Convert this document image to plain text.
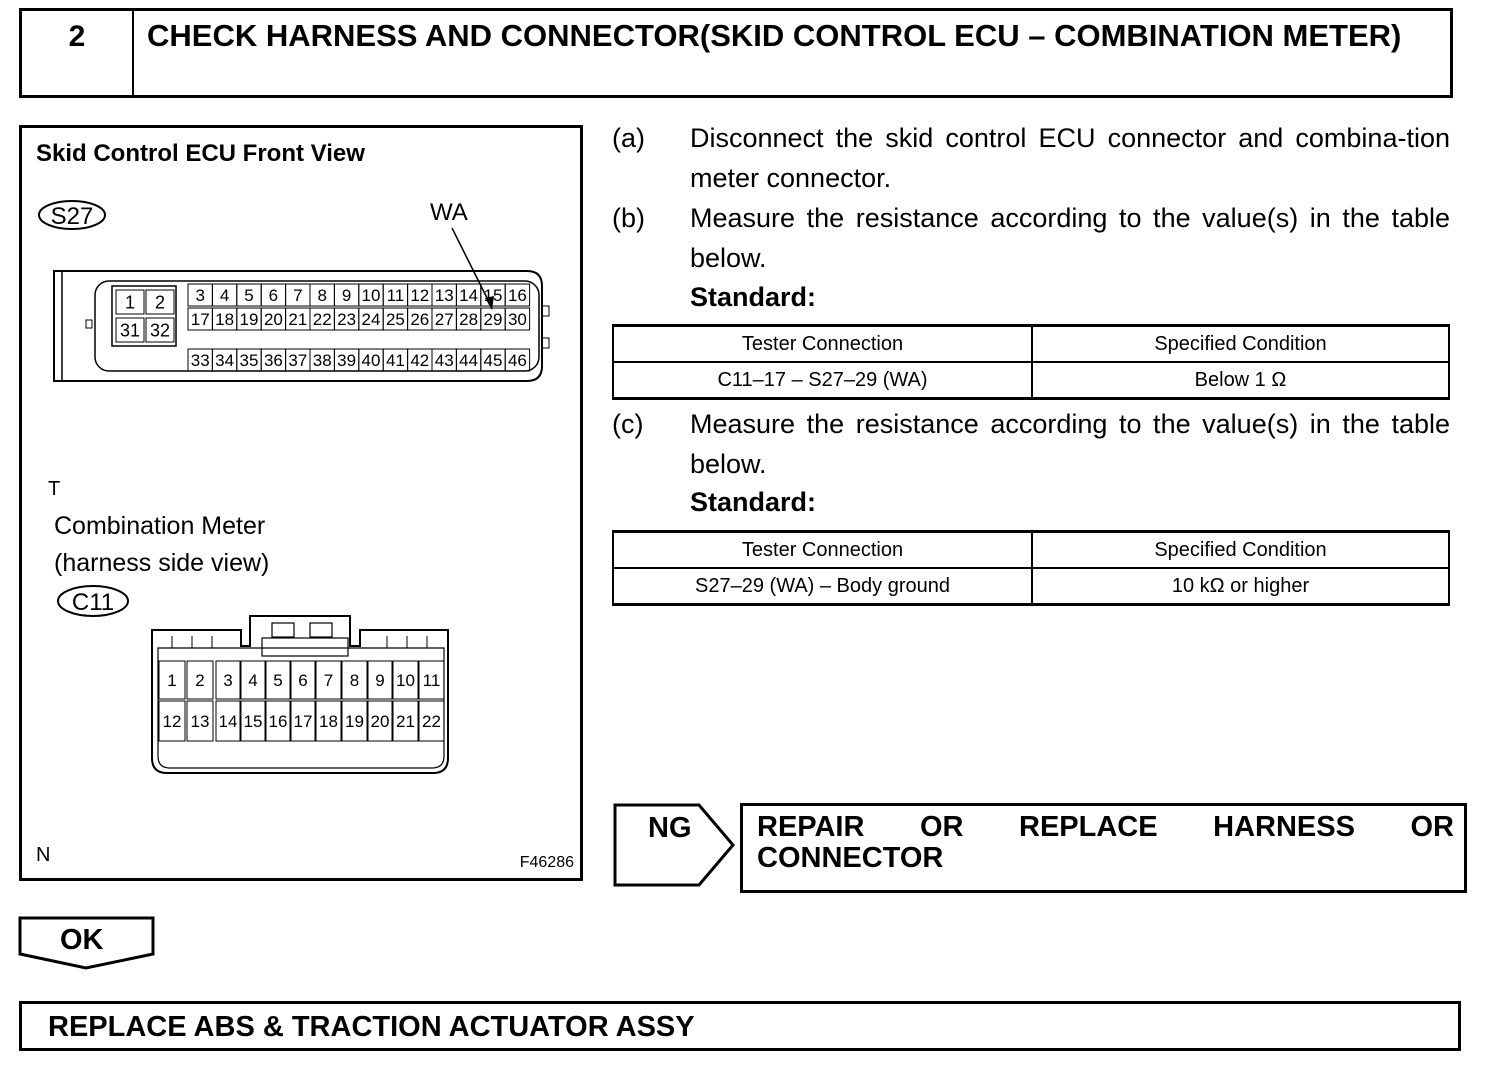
2	CHECK HARNESS AND CONNECTOR(SKID CONTROL ECU – COMBINATION METER)
Skid Control ECU Front View
S27	WA
1 2
31 32
3 4 5 6 7 8 9 10 11 12 13 14 15 16
17 18 19 20 21 22 23 24 25 26 27 28 29 30
33 34 35 36 37 38 39 40 41 42 43 44 45 46
T
Combination Meter
(harness side view)
C11
1 2 3 4 5 6 7 8 9 10 11
12 13 14 15 16 17 18 19 20 21 22
N	F46286
(a) Disconnect the skid control ECU connector and combina-tion meter connector.
(b) Measure the resistance according to the value(s) in the table below.
Standard:
Tester Connection	Specified Condition
C11–17 – S27–29 (WA)	Below 1 Ω
(c) Measure the resistance according to the value(s) in the table below.
Standard:
Tester Connection	Specified Condition
S27–29 (WA) – Body ground	10 kΩ or higher
NG REPAIR OR REPLACE HARNESS OR CONNECTOR
OK
REPLACE ABS & TRACTION ACTUATOR ASSY
